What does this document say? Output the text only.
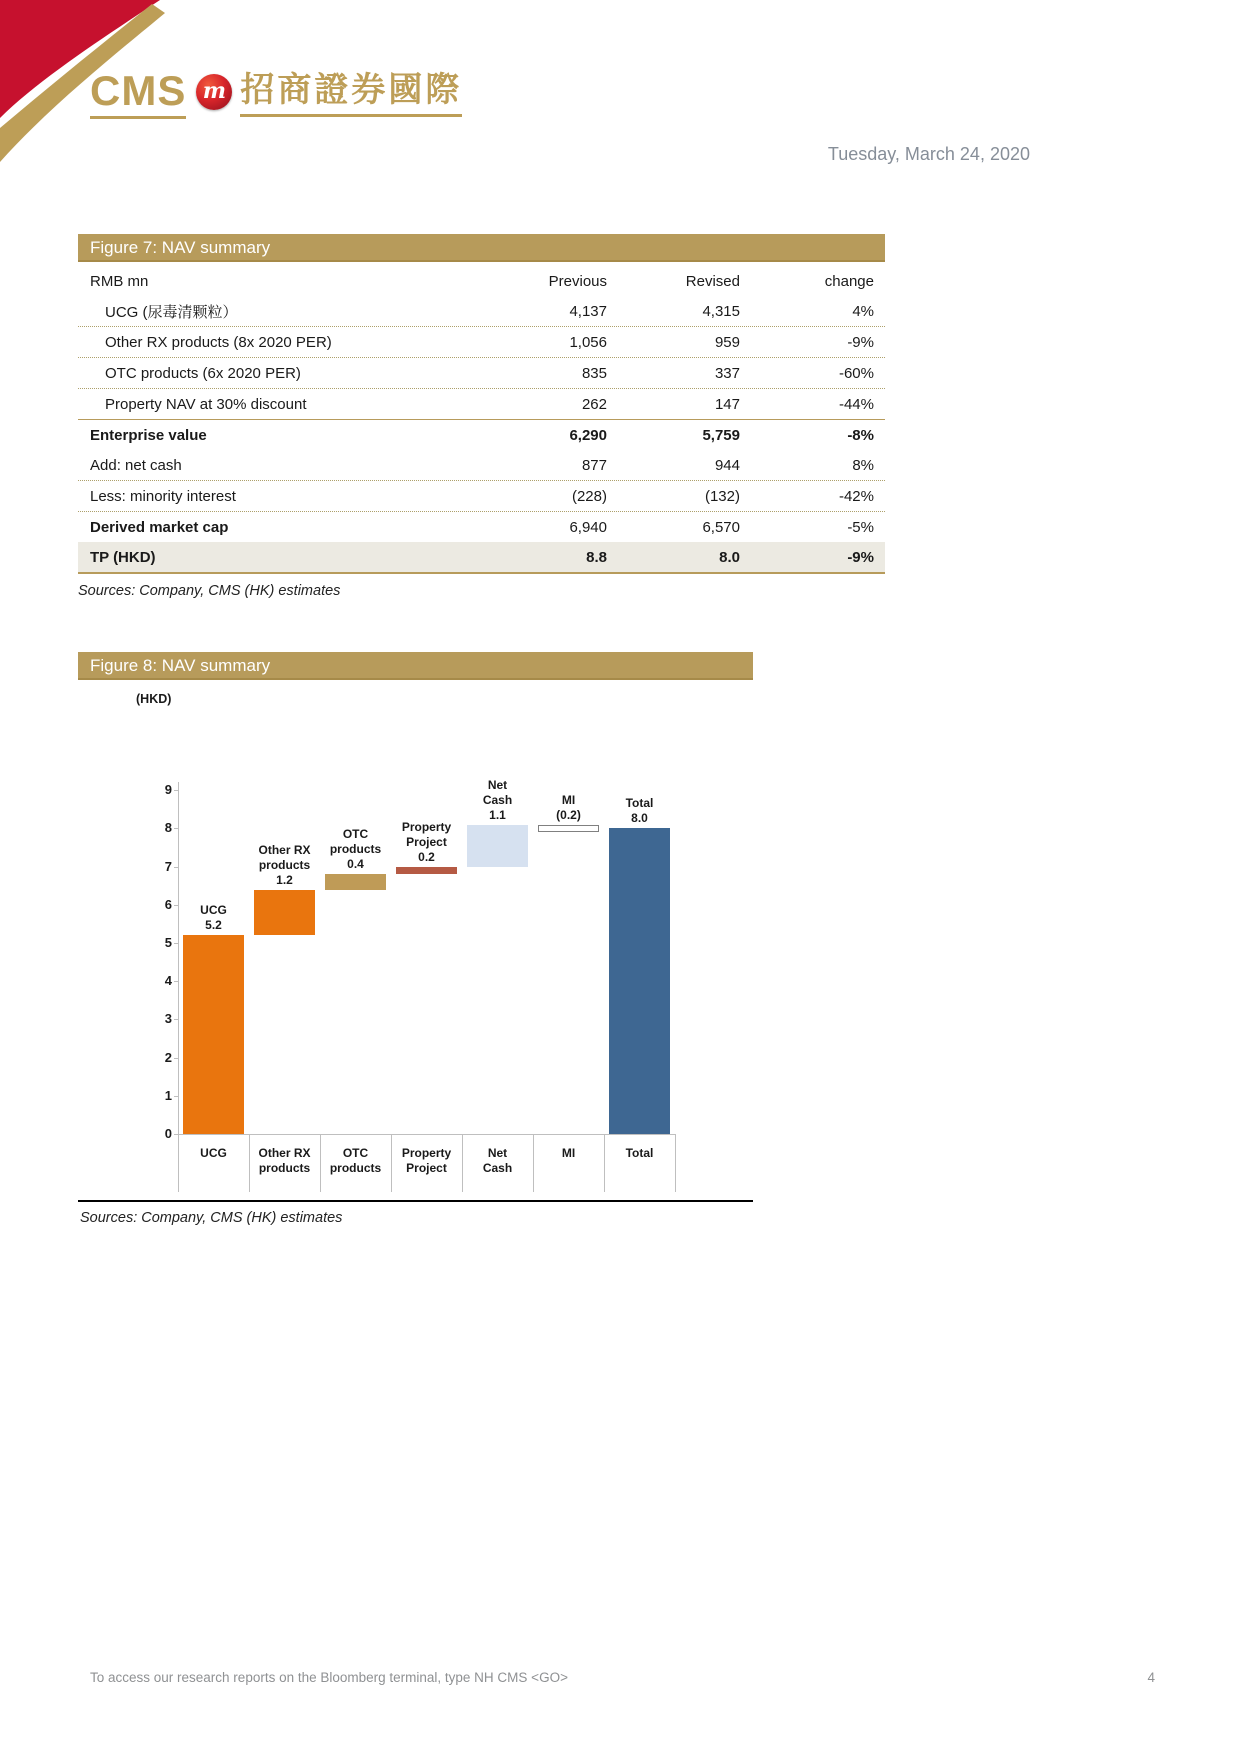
CMS m 招商證券國際
Tuesday, March 24, 2020
Figure 7: NAV summary
RMB mn	Previous	Revised	change
UCG (尿毒清颗粒）	4,137	4,315	4%
Other RX products (8x 2020 PER)	1,056	959	-9%
OTC products (6x 2020 PER)	835	337	-60%
Property NAV at 30% discount	262	147	-44%
Enterprise value	6,290	5,759	-8%
Add: net cash	877	944	8%
Less: minority interest	(228)	(132)	-42%
Derived market cap	6,940	6,570	-5%
TP (HKD)	8.8	8.0	-9%
Sources: Company, CMS (HK) estimates
Figure 8: NAV summary
(HKD)
0
1
2
3
4
5
6
7
8
9
UCG
5.2
UCG
Other RX
products
1.2
Other RX
products
OTC
products
0.4
OTC
products
Property
Project
0.2
Property
Project
Net
Cash
1.1
Net
Cash
MI
(0.2)
MI
Total
8.0
Total
Sources: Company, CMS (HK) estimates
To access our research reports on the Bloomberg terminal, type NH CMS <GO>	4
